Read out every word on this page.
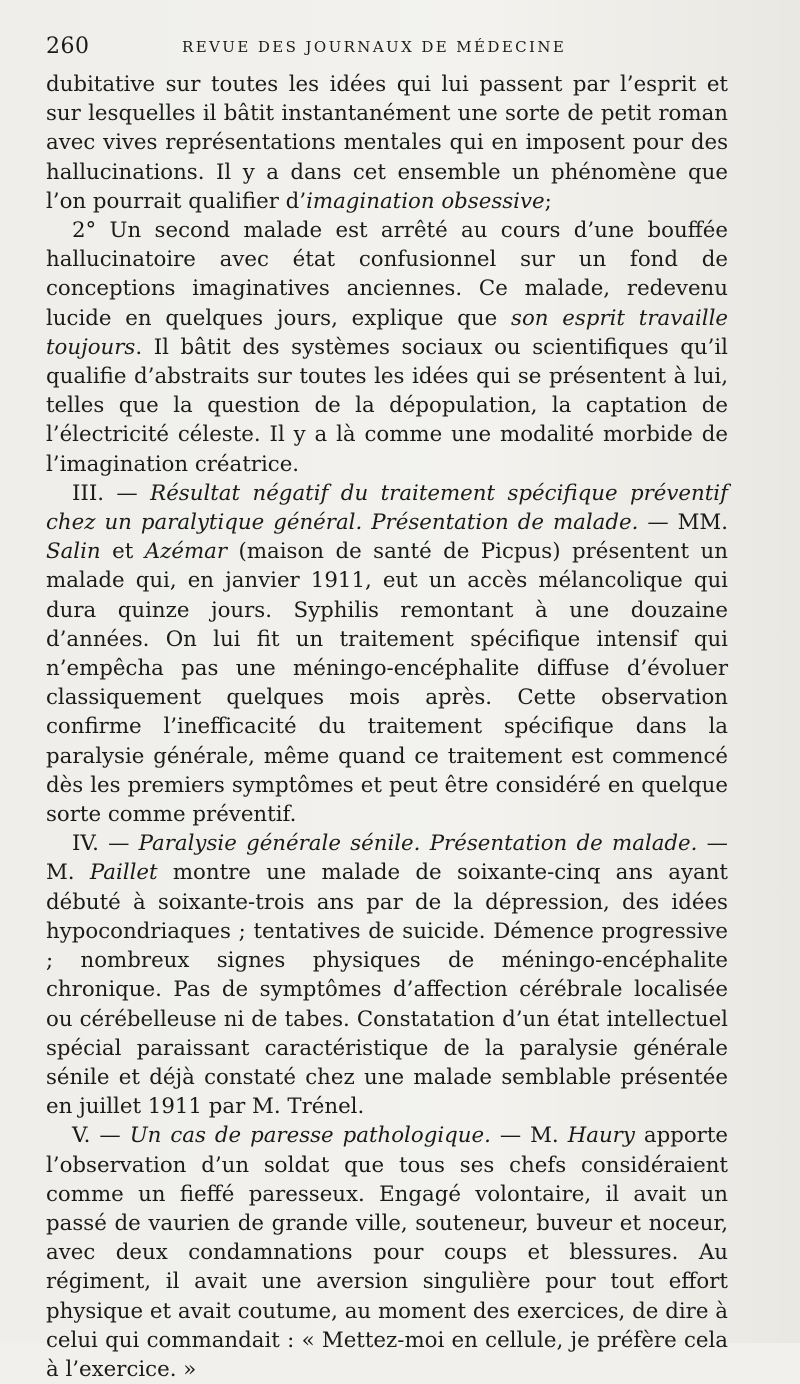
260	REVUE DES JOURNAUX DE MÉDECINE

dubitative sur toutes les idées qui lui passent par l’esprit et sur lesquelles il bâtit instantanément une sorte de petit roman avec vives représentations mentales qui en imposent pour des hallucinations. Il y a dans cet ensemble un phénomène que l’on pourrait qualifier d’imagination obsessive;

2° Un second malade est arrêté au cours d’une bouffée hallucinatoire avec état confusionnel sur un fond de conceptions imaginatives anciennes. Ce malade, redevenu lucide en quelques jours, explique que son esprit travaille toujours. Il bâtit des systèmes sociaux ou scientifiques qu’il qualifie d’abstraits sur toutes les idées qui se présentent à lui, telles que la question de la dépopulation, la captation de l’électricité céleste. Il y a là comme une modalité morbide de l’imagination créatrice.

III. — Résultat négatif du traitement spécifique préventif chez un paralytique général. Présentation de malade. — MM. Salin et Azémar (maison de santé de Picpus) présentent un malade qui, en janvier 1911, eut un accès mélancolique qui dura quinze jours. Syphilis remontant à une douzaine d’années. On lui fit un traitement spécifique intensif qui n’empêcha pas une méningo-encéphalite diffuse d’évoluer classiquement quelques mois après. Cette observation confirme l’inefficacité du traitement spécifique dans la paralysie générale, même quand ce traitement est commencé dès les premiers symptômes et peut être considéré en quelque sorte comme préventif.

IV. — Paralysie générale sénile. Présentation de malade. — M. Paillet montre une malade de soixante-cinq ans ayant débuté à soixante-trois ans par de la dépression, des idées hypocondriaques ; tentatives de suicide. Démence progressive ; nombreux signes physiques de méningo-encéphalite chronique. Pas de symptômes d’affection cérébrale localisée ou cérébelleuse ni de tabes. Constatation d’un état intellectuel spécial paraissant caractéristique de la paralysie générale sénile et déjà constaté chez une malade semblable présentée en juillet 1911 par M. Trénel.

V. — Un cas de paresse pathologique. — M. Haury apporte l’observation d’un soldat que tous ses chefs considéraient comme un fieffé paresseux. Engagé volontaire, il avait un passé de vaurien de grande ville, souteneur, buveur et noceur, avec deux condamnations pour coups et blessures. Au régiment, il avait une aversion singulière pour tout effort physique et avait coutume, au moment des exercices, de dire à celui qui commandait : « Mettez-moi en cellule, je préfère cela à l’exercice. »
